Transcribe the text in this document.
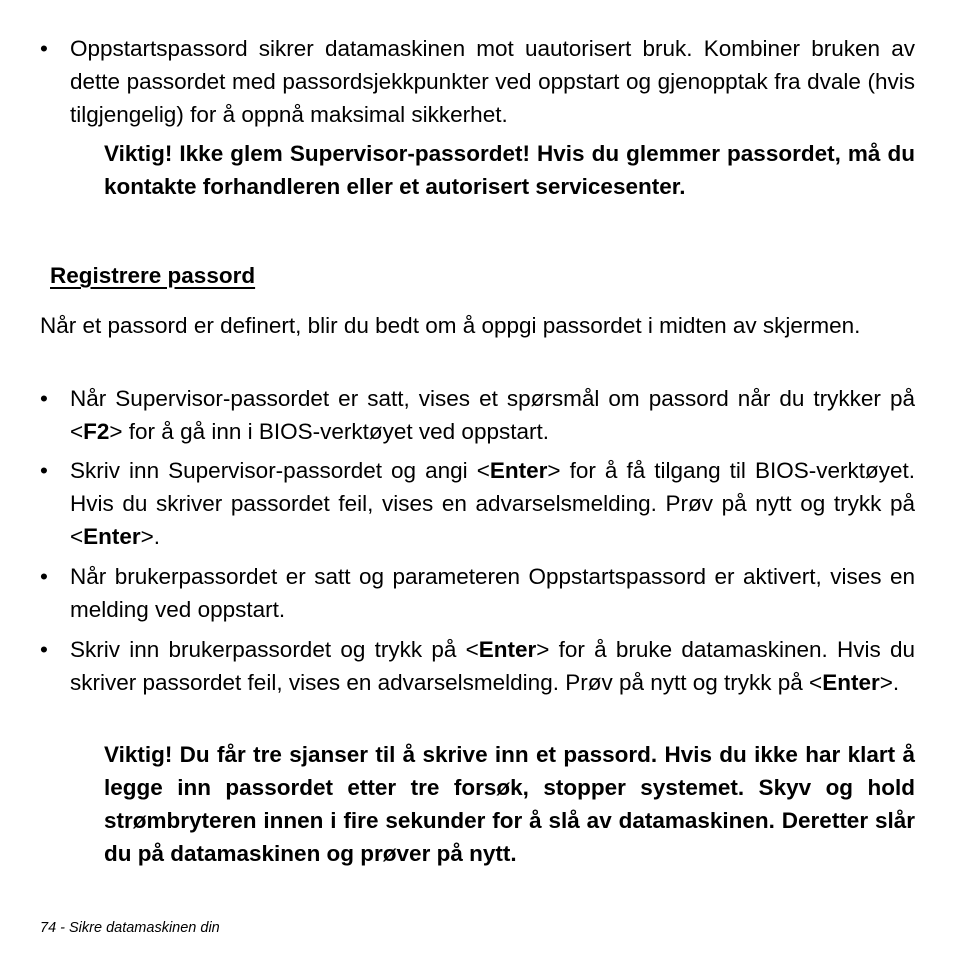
• Oppstartspassord sikrer datamaskinen mot uautorisert bruk. Kombiner bruken av dette passordet med passordsjekkpunkter ved oppstart og gjenopptak fra dvale (hvis tilgjengelig) for å oppnå maksimal sikkerhet.
Viktig! Ikke glem Supervisor-passordet! Hvis du glemmer passordet, må du kontakte forhandleren eller et autorisert servicesenter.
Registrere passord
Når et passord er definert, blir du bedt om å oppgi passordet i midten av skjermen.
• Når Supervisor-passordet er satt, vises et spørsmål om passord når du trykker på <F2> for å gå inn i BIOS-verktøyet ved oppstart.
• Skriv inn Supervisor-passordet og angi <Enter> for å få tilgang til BIOS-verktøyet. Hvis du skriver passordet feil, vises en advarselsmelding. Prøv på nytt og trykk på <Enter>.
• Når brukerpassordet er satt og parameteren Oppstartspassord er aktivert, vises en melding ved oppstart.
• Skriv inn brukerpassordet og trykk på <Enter> for å bruke datamaskinen. Hvis du skriver passordet feil, vises en advarselsmelding. Prøv på nytt og trykk på <Enter>.
Viktig! Du får tre sjanser til å skrive inn et passord. Hvis du ikke har klart å legge inn passordet etter tre forsøk, stopper systemet. Skyv og hold strømbryteren innen i fire sekunder for å slå av datamaskinen. Deretter slår du på datamaskinen og prøver på nytt.
74 - Sikre datamaskinen din
